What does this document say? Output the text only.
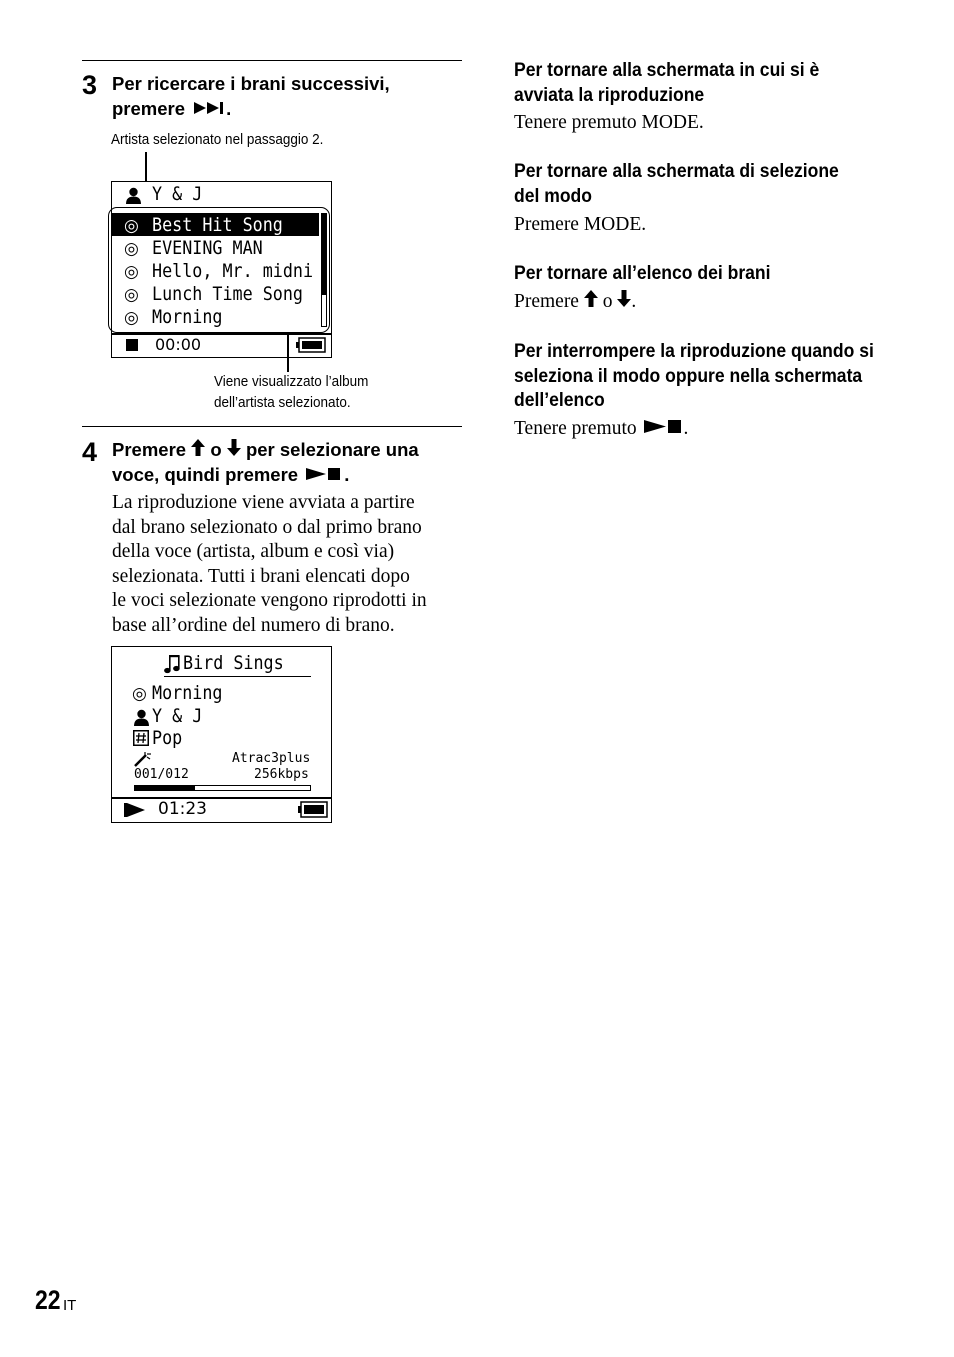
3 Per ricercare i brani successivi,
premere .
Artista selezionato nel passaggio 2.
Y & J
◎ Best Hit Song
◎ EVENING MAN
◎ Hello, Mr. midni
◎ Lunch Time Song
◎ Morning
00:00
Viene visualizzato l’album
dell’artista selezionato.
4 Premere o per selezionare una
voce, quindi premere .
La riproduzione viene avviata a partire
dal brano selezionato o dal primo brano
della voce (artista, album e così via)
selezionata. Tutti i brani elencati dopo
le voci selezionate vengono riprodotti in
base all’ordine del numero di brano.
Bird Sings
◎ Morning
Y & J
Pop
Atrac3plus
001/012	256kbps
01:23
Per tornare alla schermata in cui si è
avviata la riproduzione
Tenere premuto MODE.
Per tornare alla schermata di selezione
del modo
Premere MODE.
Per tornare all’elenco dei brani
Premere o .
Per interrompere la riproduzione quando si
seleziona il modo oppure nella schermata
dell’elenco
Tenere premuto .
22 IT
